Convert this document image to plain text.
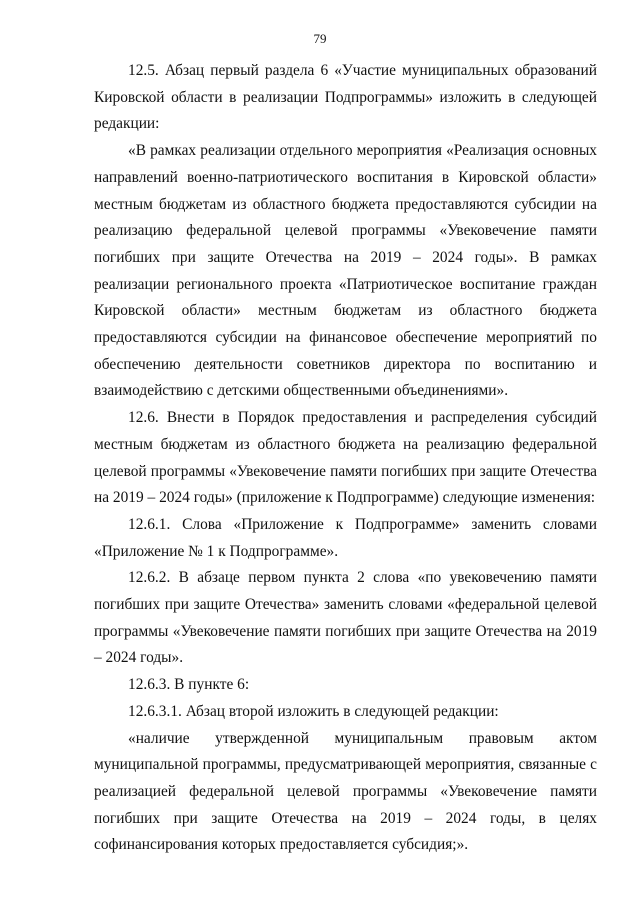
79

12.5. Абзац первый раздела 6 «Участие муниципальных образований Кировской области в реализации Подпрограммы» изложить в следующей редакции:

«В рамках реализации отдельного мероприятия «Реализация основных направлений военно-патриотического воспитания в Кировской области» местным бюджетам из областного бюджета предоставляются субсидии на реализацию федеральной целевой программы «Увековечение памяти погибших при защите Отечества на 2019 – 2024 годы». В рамках реализации регионального проекта «Патриотическое воспитание граждан Кировской области» местным бюджетам из областного бюджета предоставляются субсидии на финансовое обеспечение мероприятий по обеспечению деятельности советников директора по воспитанию и взаимодействию с детскими общественными объединениями».

12.6. Внести в Порядок предоставления и распределения субсидий местным бюджетам из областного бюджета на реализацию федеральной целевой программы «Увековечение памяти погибших при защите Отечества на 2019 – 2024 годы» (приложение к Подпрограмме) следующие изменения:

12.6.1. Слова «Приложение к Подпрограмме» заменить словами «Приложение № 1 к Подпрограмме».

12.6.2. В абзаце первом пункта 2 слова «по увековечению памяти погибших при защите Отечества» заменить словами «федеральной целевой программы «Увековечение памяти погибших при защите Отечества на 2019 – 2024 годы».

12.6.3. В пункте 6:

12.6.3.1. Абзац второй изложить в следующей редакции:

«наличие утвержденной муниципальным правовым актом муниципальной программы, предусматривающей мероприятия, связанные с реализацией федеральной целевой программы «Увековечение памяти погибших при защите Отечества на 2019 – 2024 годы, в целях софинансирования которых предоставляется субсидия;».
